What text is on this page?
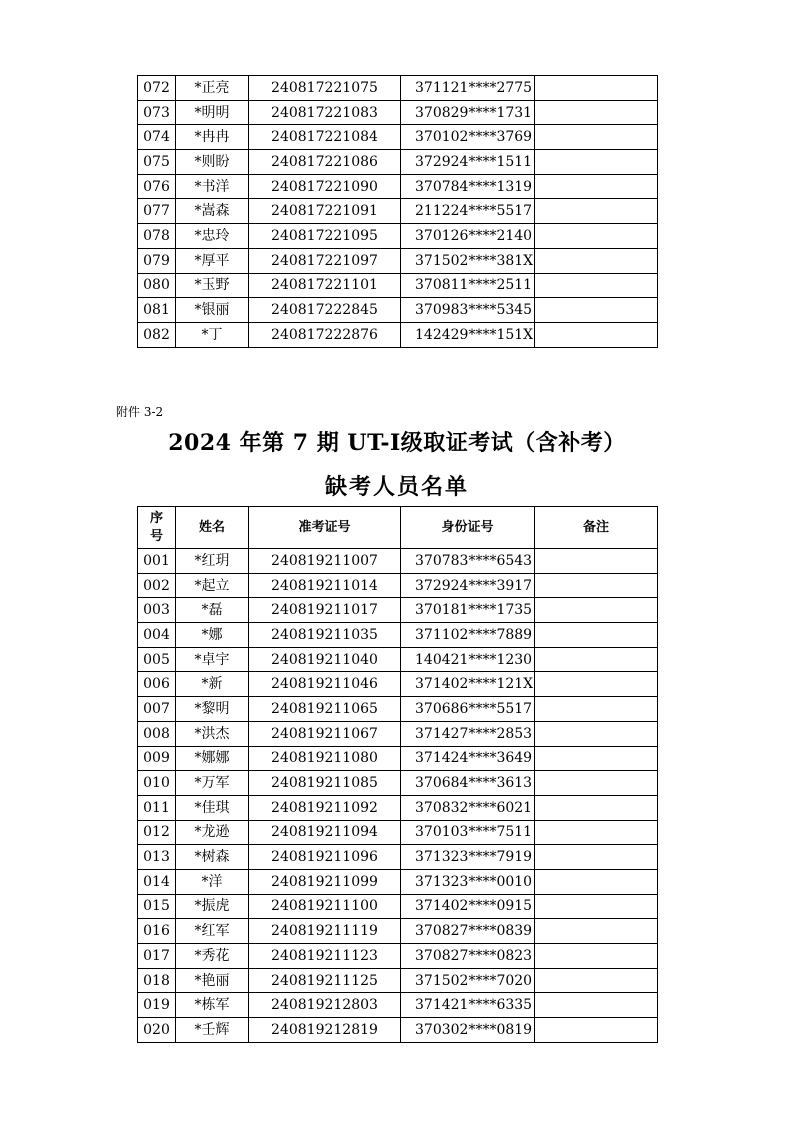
072	*正亮	240817221075	371121****2775	
073	*明明	240817221083	370829****1731	
074	*冉冉	240817221084	370102****3769	
075	*则盼	240817221086	372924****1511	
076	*书洋	240817221090	370784****1319	
077	*嵩森	240817221091	211224****5517	
078	*忠玲	240817221095	370126****2140	
079	*厚平	240817221097	371502****381X	
080	*玉野	240817221101	370811****2511	
081	*银丽	240817222845	370983****5345	
082	*丁	240817222876	142429****151X	
附件 3-2
2024 年第 7 期 UT-Ⅰ级取证考试（含补考）
缺考人员名单
序
号	姓名	准考证号	身份证号	备注
001	*红玥	240819211007	370783****6543	
002	*起立	240819211014	372924****3917	
003	*磊	240819211017	370181****1735	
004	*娜	240819211035	371102****7889	
005	*卓宇	240819211040	140421****1230	
006	*新	240819211046	371402****121X	
007	*黎明	240819211065	370686****5517	
008	*洪杰	240819211067	371427****2853	
009	*娜娜	240819211080	371424****3649	
010	*万军	240819211085	370684****3613	
011	*佳琪	240819211092	370832****6021	
012	*龙逊	240819211094	370103****7511	
013	*树森	240819211096	371323****7919	
014	*洋	240819211099	371323****0010	
015	*振虎	240819211100	371402****0915	
016	*红军	240819211119	370827****0839	
017	*秀花	240819211123	370827****0823	
018	*艳丽	240819211125	371502****7020	
019	*栋军	240819212803	371421****6335	
020	*壬辉	240819212819	370302****0819	
